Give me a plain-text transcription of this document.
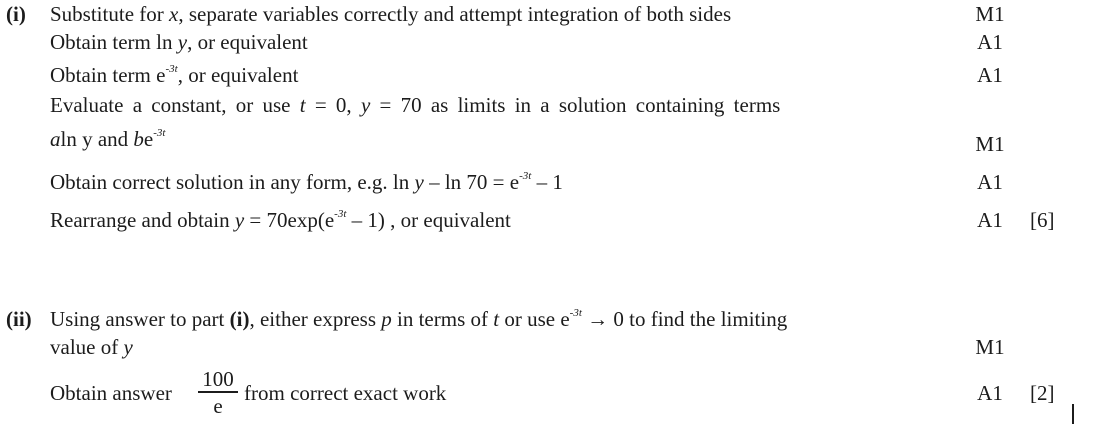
(i) Substitute for x, separate variables correctly and attempt integration of both sides	M1
Obtain term ln y, or equivalent	A1
Obtain term $e^{-3t}$, or equivalent	A1
Evaluate a constant, or use t = 0, y = 70 as limits in a solution containing terms
aln y and $be^{-3t}$	M1
Obtain correct solution in any form, e.g. $\ln y - \ln 70 = e^{-3t} - 1$	A1
Rearrange and obtain $y = 70\exp(e^{-3t} - 1)$ , or equivalent	A1	[6]
(ii) Using answer to part (i), either express p in terms of t or use $e^{-3t} \to 0$ to find the limiting
value of y	M1
Obtain answer
100
e
from correct exact work	A1	[2]
